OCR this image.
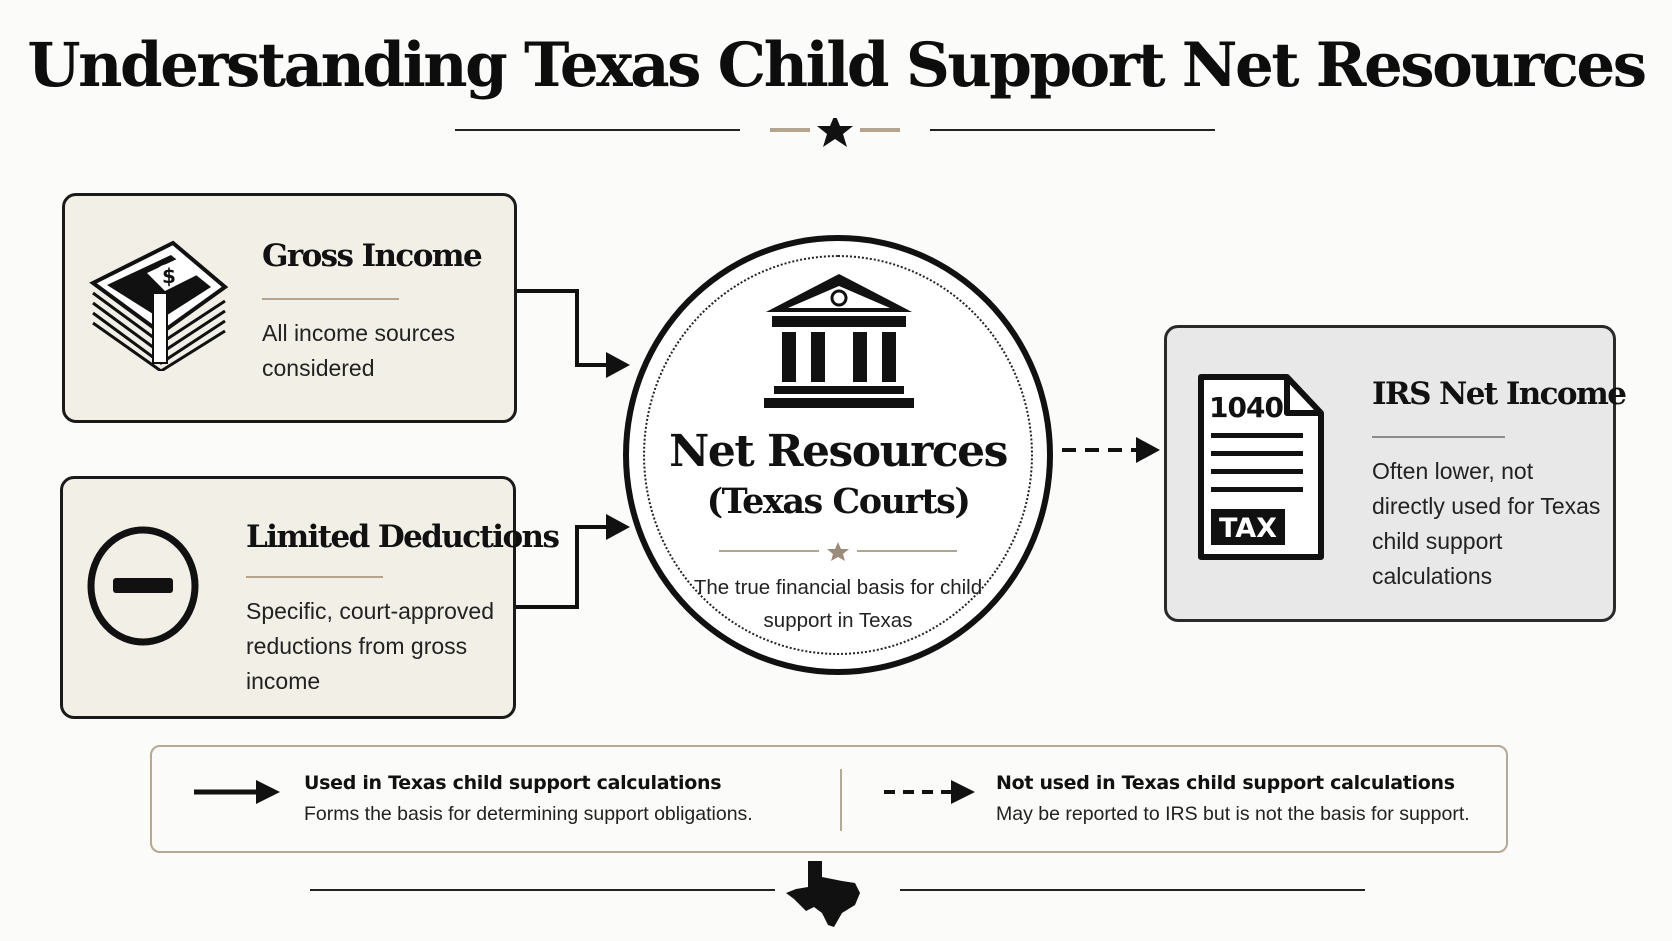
Understanding Texas Child Support Net Resources
$
Gross Income
All income sources considered
Limited Deductions
Specific, court-approved reductions from gross income
Net Resources
(Texas Courts)
The true financial basis for child support in Texas
1040
TAX
IRS Net Income
Often lower, not directly used for Texas child support calculations
Used in Texas child support calculations
Forms the basis for determining support obligations.
Not used in Texas child support calculations
May be reported to IRS but is not the basis for support.
